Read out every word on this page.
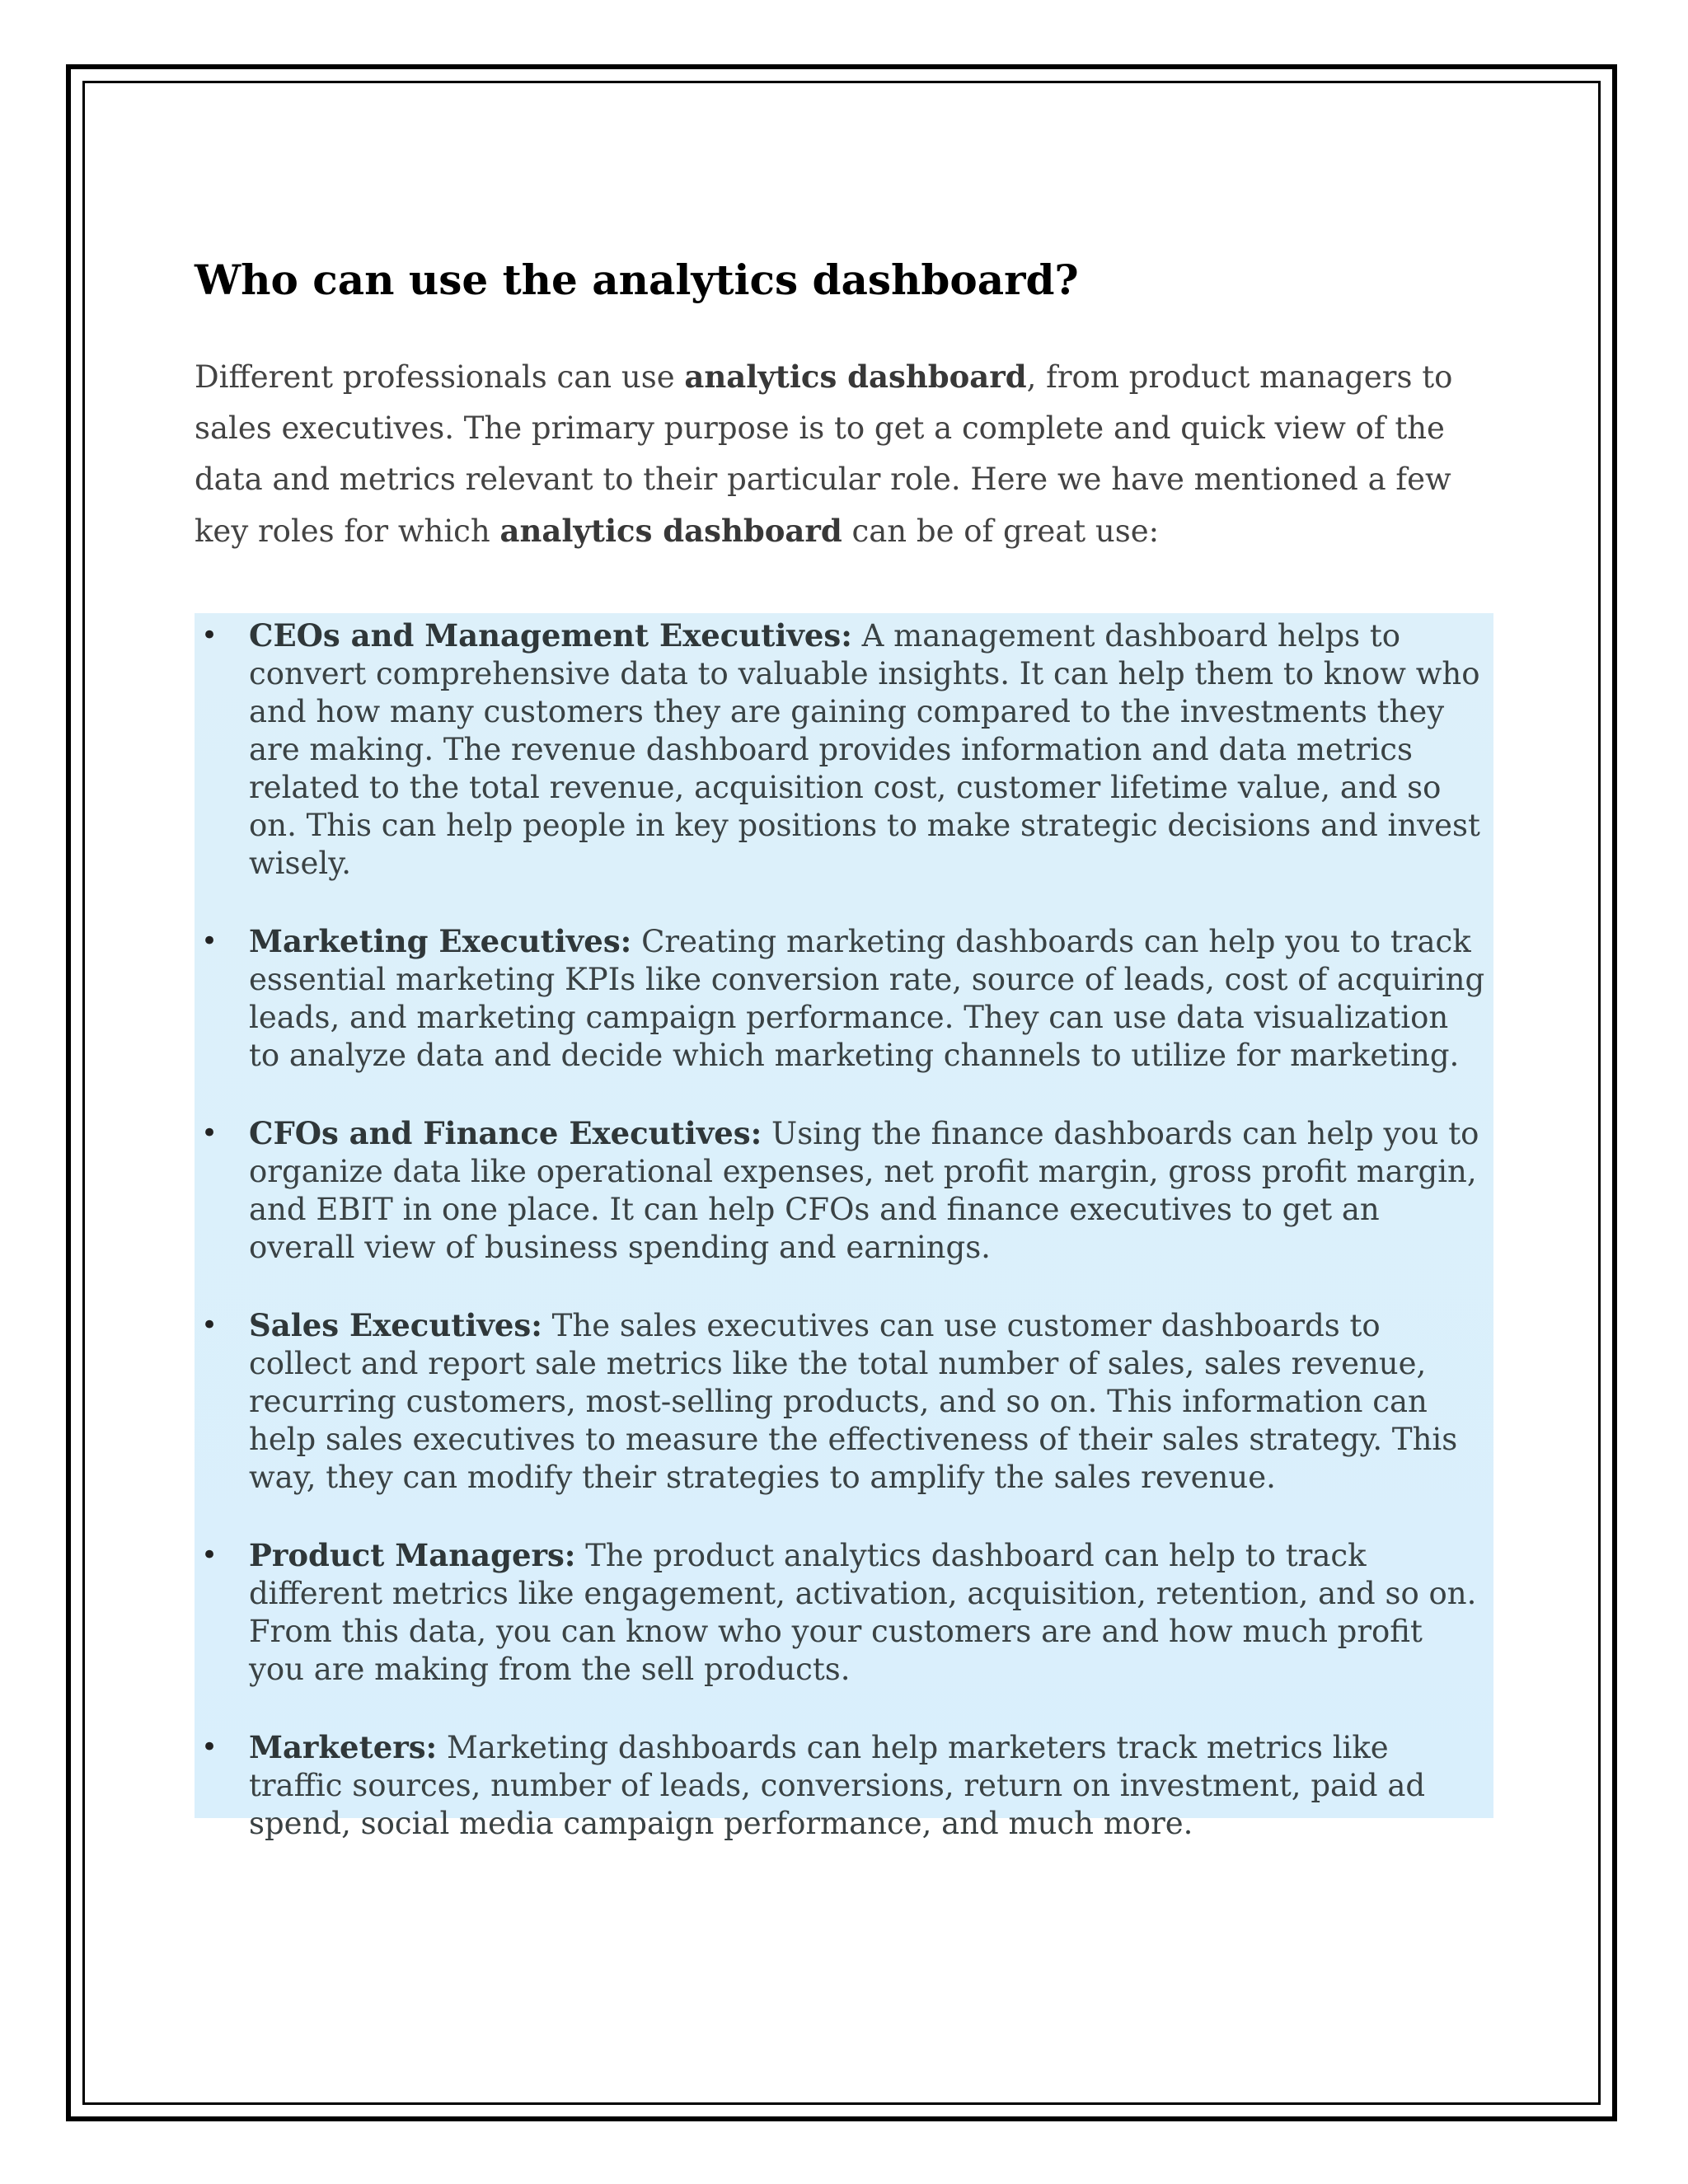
Who can use the analytics dashboard?

Different professionals can use analytics dashboard, from product managers to sales executives. The primary purpose is to get a complete and quick view of the data and metrics relevant to their particular role. Here we have mentioned a few key roles for which analytics dashboard can be of great use:

• CEOs and Management Executives: A management dashboard helps to convert comprehensive data to valuable insights. It can help them to know who and how many customers they are gaining compared to the investments they are making. The revenue dashboard provides information and data metrics related to the total revenue, acquisition cost, customer lifetime value, and so on. This can help people in key positions to make strategic decisions and invest wisely.
• Marketing Executives: Creating marketing dashboards can help you to track essential marketing KPIs like conversion rate, source of leads, cost of acquiring leads, and marketing campaign performance. They can use data visualization to analyze data and decide which marketing channels to utilize for marketing.
• CFOs and Finance Executives: Using the finance dashboards can help you to organize data like operational expenses, net profit margin, gross profit margin, and EBIT in one place. It can help CFOs and finance executives to get an overall view of business spending and earnings.
• Sales Executives: The sales executives can use customer dashboards to collect and report sale metrics like the total number of sales, sales revenue, recurring customers, most-selling products, and so on. This information can help sales executives to measure the effectiveness of their sales strategy. This way, they can modify their strategies to amplify the sales revenue.
• Product Managers: The product analytics dashboard can help to track different metrics like engagement, activation, acquisition, retention, and so on. From this data, you can know who your customers are and how much profit you are making from the sell products.
• Marketers: Marketing dashboards can help marketers track metrics like traffic sources, number of leads, conversions, return on investment, paid ad spend, social media campaign performance, and much more.
